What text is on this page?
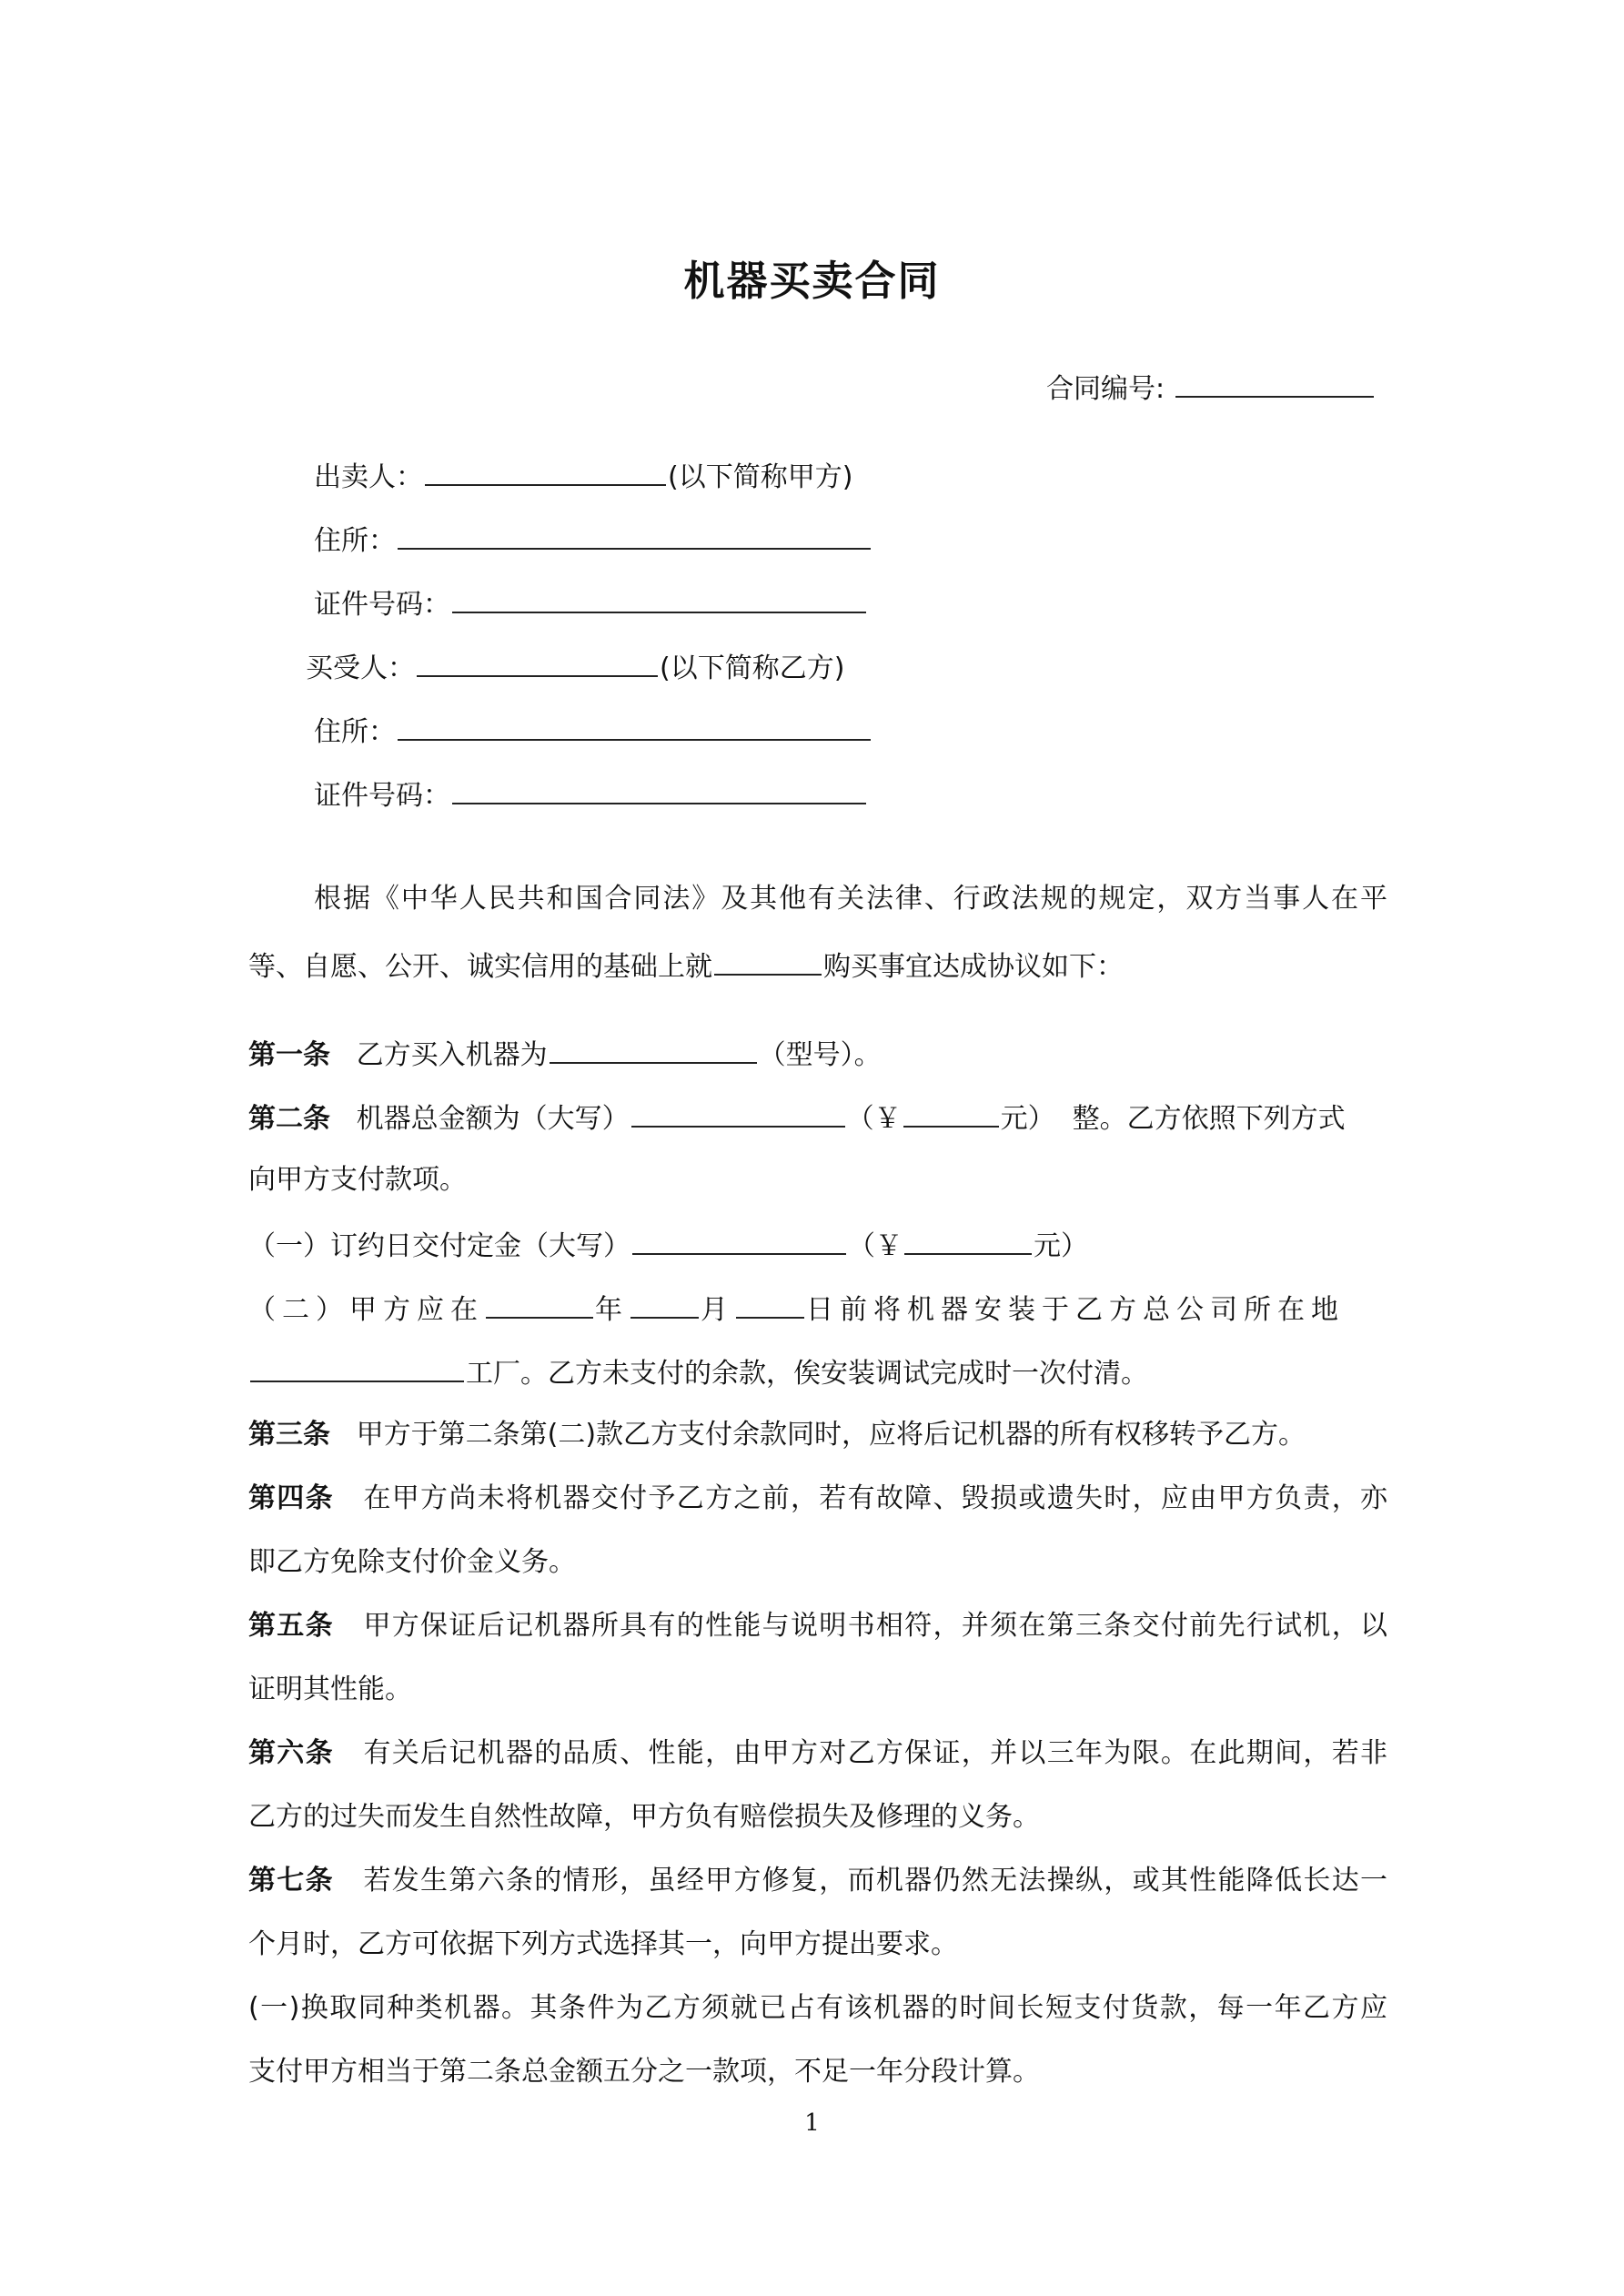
机器买卖合同
合同编号:
出卖人：	(以下简称甲方)
住所：
证件号码：
买受人：	(以下简称乙方)
住所：
证件号码：
根据《中华人民共和国合同法》及其他有关法律、行政法规的规定，双方当事人在平
等、自愿、公开、诚实信用的基础上就	购买事宜达成协议如下：
第一条 乙方买入机器为	（型号）。
第二条 机器总金额为（大写）	（￥	元）  整。乙方依照下列方式
向甲方支付款项。
（一）订约日交付定金（大写）	（￥	元）
（二）甲方应在	年	月	日前将机器安装于乙方总公司所在地
工厂。乙方未支付的余款，俟安装调试完成时一次付清。
第三条 甲方于第二条第(二)款乙方支付余款同时，应将后记机器的所有权移转予乙方。
第四条 在甲方尚未将机器交付予乙方之前，若有故障、毁损或遗失时，应由甲方负责，亦
即乙方免除支付价金义务。
第五条 甲方保证后记机器所具有的性能与说明书相符，并须在第三条交付前先行试机，以
证明其性能。
第六条 有关后记机器的品质、性能，由甲方对乙方保证，并以三年为限。在此期间，若非
乙方的过失而发生自然性故障，甲方负有赔偿损失及修理的义务。
第七条 若发生第六条的情形，虽经甲方修复，而机器仍然无法操纵，或其性能降低长达一
个月时，乙方可依据下列方式选择其一，向甲方提出要求。
(一)换取同种类机器。其条件为乙方须就已占有该机器的时间长短支付货款，每一年乙方应
支付甲方相当于第二条总金额五分之一款项，不足一年分段计算。
1
